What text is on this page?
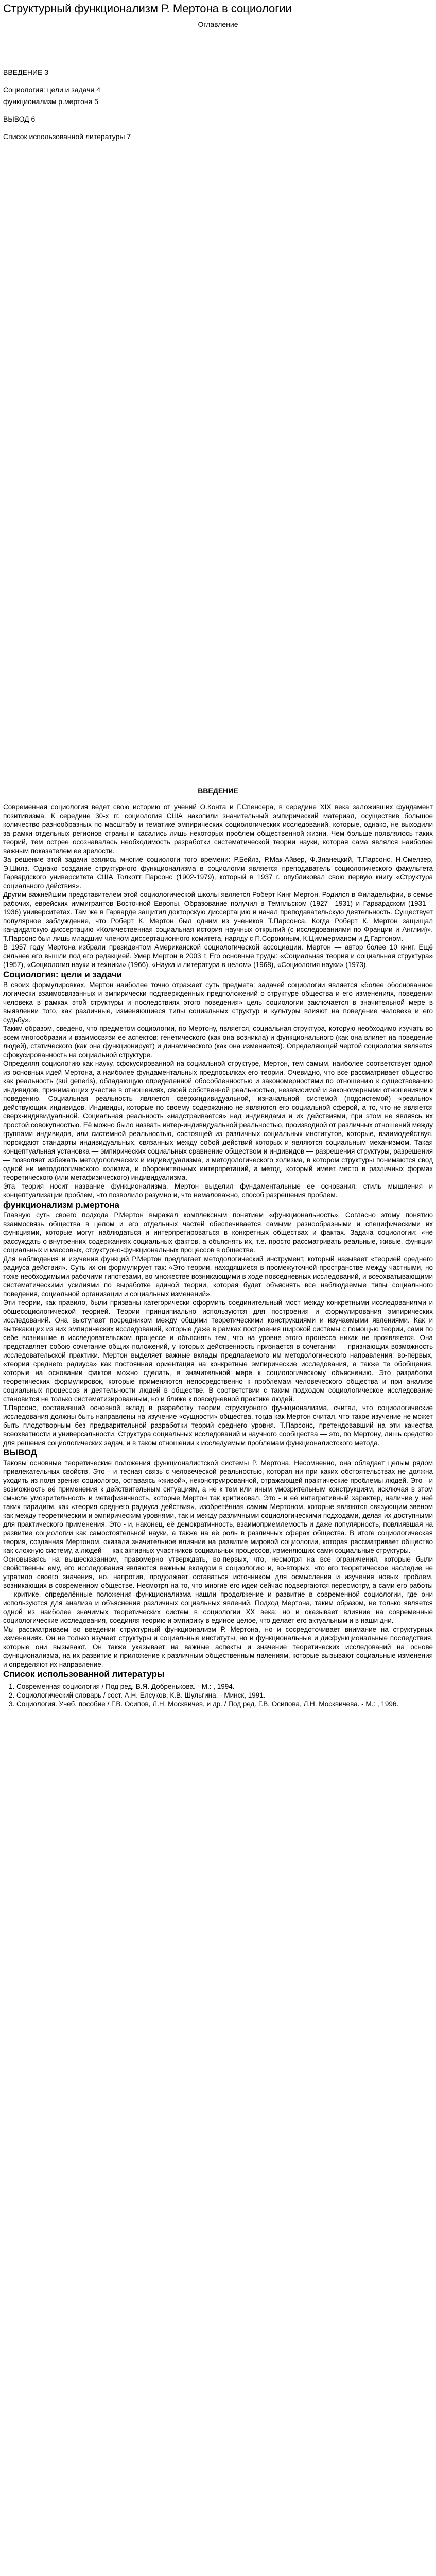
Структурный функционализм Р. Мертона в социологии
Оглавление
ВВЕДЕНИЕ 3
Социология: цели и задачи 4
функционализм р.мертона 5
ВЫВОД 6
Список использованной литературы 7
ВВЕДЕНИЕ

Современная социология ведет свою историю от учений О.Конта и Г.Спенсера, в середине XIX века заложивших фундамент позитивизма. К середине 30-х гг. социология США накопили значительный эмпирический материал, осуществив большое количество разнообразных по масштабу и тематике эмпирических социологических исследований, которые, однако, не выходили за рамки отдельных регионов страны и касались лишь некоторых проблем общественной жизни. Чем больше появлялось таких теорий, тем острее осознавалась необходимость разработки систематической теории науки, которая сама являлся наиболее важным показателем ее зрелости.

За решение этой задачи взялись многие социологи того времени: Р.Бейлз, Р.Мак-Айвер, Ф.Знанецкий, Т.Парсонс, Н.Смелзер, Э.Шилз. Однако создание структурного функционализма в социологии является преподаватель социологического факультета Гарвардского университета США Толкотт Парсонс (1902-1979), который в 1937 г. опубликовал свою первую книгу «Структура социального действия».

Другим важнейшим представителем этой социологической школы является Роберт Кинг Мертон. Родился в Филадельфии, в семье рабочих, еврейских иммигрантов Восточной Европы. Образование получил в Темпльском (1927—1931) и Гарвардском (1931—1936) университетах. Там же в Гарварде защитил докторскую диссертацию и начал преподавательскую деятельность. Существует популярное заблуждение, что Роберт К. Мертон был одним из учеников Т.Парсонса. Когда Роберт К. Мертон защищал кандидатскую диссертацию «Количественная социальная история научных открытий (с исследованиями по Франции и Англии)», Т.Парсонс был лишь младшим членом диссертационного комитета, наряду с П.Сорокиным, К.Циммерманом и Д.Гартоном.

В 1957 году Мертона избрали президентом Американской социологической ассоциации. Мертон — автор более 10 книг. Ещё сильнее его вышли под его редакцией. Умер Мертон в 2003 г. Его основные труды: «Социальная теория и социальная структура» (1957), «Социология науки и техники» (1966), «Наука и литература в целом» (1968), «Социология науки» (1973).

Социология: цели и задачи

В своих формулировках, Мертон наиболее точно отражает суть предмета: задачей социологии является «более обоснованное логически взаимосвязанных и эмпирически подтвержденных предположений о структуре общества и его изменениях, поведении человека в рамках этой структуры и последствиях этого поведения» цель социологии заключается в значительной мере в выявлении того, как различные, изменяющиеся типы социальных структур и культуры влияют на поведение человека и его судьбу».

Таким образом, сведено, что предметом социологии, по Мертону, является, социальная структура, которую необходимо изучать во всем многообразии и взаимосвязи ее аспектов: генетического (как она возникла) и функционального (как она влияет на поведение людей), статического (как она функционирует) и динамического (как она изменяется). Определяющей чертой социологии является сфокусированность на социальной структуре.

Определяя социологию как науку, сфокусированной на социальной структуре, Мертон, тем самым, наиболее соответствует одной из основных идей Мертона, а наиболее фундаментальных предпосылках его теории. Очевидно, что все рассматривает общество как реальность (sui generis), обладающую определенной обособленностью и закономерностями по отношению к существованию индивидов, принимающих участие в отношениях, своей собственной реальностью, независимой и закономерными отношениями к поведению. Социальная реальность является сверхиндивидуальной, изначальной системой (подсистемой) «реально» действующих индивидов. Индивиды, которые по своему содержанию не являются его социальной сферой, а то, что не является сверх-индивидуальной. Социальная реальность «надстраивается» над индивидами и их действиями, при этом не являясь их простой совокупностью. Её можно было назвать интер-индивидуальной реальностью, производной от различных отношений между группами индивидов, или системной реальностью, состоящей из различных социальных институтов, которые, взаимодействуя, порождают стандарты индивидуальных, связанных между собой действий которых и являются социальным механизмом. Такая концептуальная установка — эмпирических социальных сравнение обществом и индивидов — разрешения структуры, разрешения — позволяет избежать методологических и индивидуализма, и методологического холизма, в котором структуры понимаются свод одной ни методологического холизма, и оборонительных интерпретаций, а метод, который имеет место в различных формах теоретического (или метафизического) индивидуализма.

Эта теория носит название функционализма. Мертон выделил фундаментальные ее основания, стиль мышления и концептуализации проблем, что позволило разумно и, что немаловажно, способ разрешения проблем.

функционализм р.мертона

Главную суть своего подхода Р.Мертон выражал комплексным понятием «функциональность». Согласно этому понятию взаимосвязь общества в целом и его отдельных частей обеспечивается самыми разнообразными и специфическими их функциями, которые могут наблюдаться и интерпретироваться в конкретных обществах и фактах. Задача социологии: «не рассуждать о внутренних содержаниях социальных фактов, а объяснять их, т.е. просто рассматривать реальные, живые, функции социальных и массовых, структурно-функциональных процессов в обществе.

Для наблюдения и изучения функций Р.Мертон предлагает методологический инструмент, который называет «теорией среднего радиуса действия». Суть их он формулирует так: «Это теории, находящиеся в промежуточной пространстве между частными, но тоже необходимыми рабочими гипотезами, во множестве возникающими в ходе повседневных исследований, и всеохватывающими систематическими усилиями по выработке единой теории, которая будет объяснять все наблюдаемые типы социального поведения, социальной организации и социальных изменений».

Эти теории, как правило, были призваны категорически оформить соединительный мост между конкретными исследованиями и общесоциологической теорией. Теории принципиально используются для построения и формулирования эмпирических исследований. Она выступает посредником между общими теоретическими конструкциями и изучаемыми явлениями. Как и вытекающих из них эмпирических исследований, которые даже в рамках построения широкой системы с помощью теории, сами по себе возникшие в исследовательском процессе и объяснять тем, что на уровне этого процесса никак не проявляется. Она представляет собою сочетание общих положений, у которых действенность признается в сочетании — признающих возможность исследовательской практики. Мертон выделяет важные вклады предлагаемого им методологического направления: во-первых, «теория среднего радиуса» как постоянная ориентация на конкретные эмпирические исследования, а также те обобщения, которые на основании фактов можно сделать, в значительной мере к социологическому объяснению. Это разработка теоретических формулировок, которые применяются непосредственно к проблемам человеческого общества и при анализе социальных процессов и деятельности людей в обществе. В соответствии с таким подходом социологическое исследование становится не только систематизированным, но и ближе к повседневной практике людей.

Т.Парсонс, составивший основной вклад в разработку теории структурного функционализма, считал, что социологические исследования должны быть направлены на изучение «сущности» общества, тогда как Мертон считал, что такое изучение не может быть плодотворным без предварительной разработки теорий среднего уровня. Т.Парсонс, претендовавший на эти качества всеохватности и универсальности. Структура социальных исследований и научного сообщества — это, по Мертону, лишь средство для решения социологических задач, и в таком отношении к исследуемым проблемам функционалистского метода.

ВЫВОД

Таковы основные теоретические положения функционалистской системы Р. Мертона. Несомненно, она обладает целым рядом привлекательных свойств. Это - и тесная связь с человеческой реальностью, которая ни при каких обстоятельствах не должна уходить из поля зрения социологов, оставаясь «живой», неконструированной, отражающей практические проблемы людей. Это - и возможность её применения к действительным ситуациям, а не к тем или иным умозрительным конструкциям, исключая в этом смысле умозрительность и метафизичность, которые Мертон так критиковал. Это - и её интегративный характер, наличие у неё таких парадигм, как «теория среднего радиуса действия», изобретённая самим Мертоном, которые являются связующим звеном как между теоретическим и эмпирическим уровнями, так и между различными социологическими подходами, делая их доступными для практического применения. Это - и, наконец, её демократичность, взаимоприемлемость и даже популярность, повлиявшая на развитие социологии как самостоятельной науки, а также на её роль в различных сферах общества. В итоге социологическая теория, созданная Мертоном, оказала значительное влияние на развитие мировой социологии, которая рассматривает общество как сложную систему, а людей — как активных участников социальных процессов, изменяющих сами социальные структуры.

Основываясь на вышесказанном, правомерно утверждать, во-первых, что, несмотря на все ограничения, которые были свойственны ему, его исследования являются важным вкладом в социологию и, во-вторых, что его теоретическое наследие не утратило своего значения, но, напротив, продолжает оставаться источником для осмысления и изучения новых проблем, возникающих в современном обществе. Несмотря на то, что многие его идеи сейчас подвергаются пересмотру, а сами его работы — критике, определённые положения функционализма нашли продолжение и развитие в современной социологии, где они используются для анализа и объяснения различных социальных явлений. Подход Мертона, таким образом, не только является одной из наиболее значимых теоретических систем в социологии XX века, но и оказывает влияние на современные социологические исследования, соединяя теорию и эмпирику в единое целое, что делает его актуальным и в наши дни.

Мы рассматриваем во введении структурный функционализм Р. Мертона, но и сосредоточивает внимание на структурных изменениях. Он не только изучает структуры и социальные институты, но и функциональные и дисфункциональные последствия, которые они вызывают. Он также указывает на важные аспекты и значение теоретических исследований на основе функционализма, на их развитие и приложение к различным общественным явлениям, которые вызывают социальные изменения и определяют их направление.

Список использованной литературы
1. Современная социология / Под ред. В.Я. Добренькова. - М.: , 1994.
2. Социологический словарь / сост. А.Н. Елсуков, К.В. Шульгина. - Минск, 1991.
3. Социология. Учеб. пособие / Г.В. Осипов, Л.Н. Москвичев, и др. / Под ред. Г.В. Осипова, Л.Н. Москвичева. - М.: , 1996.
